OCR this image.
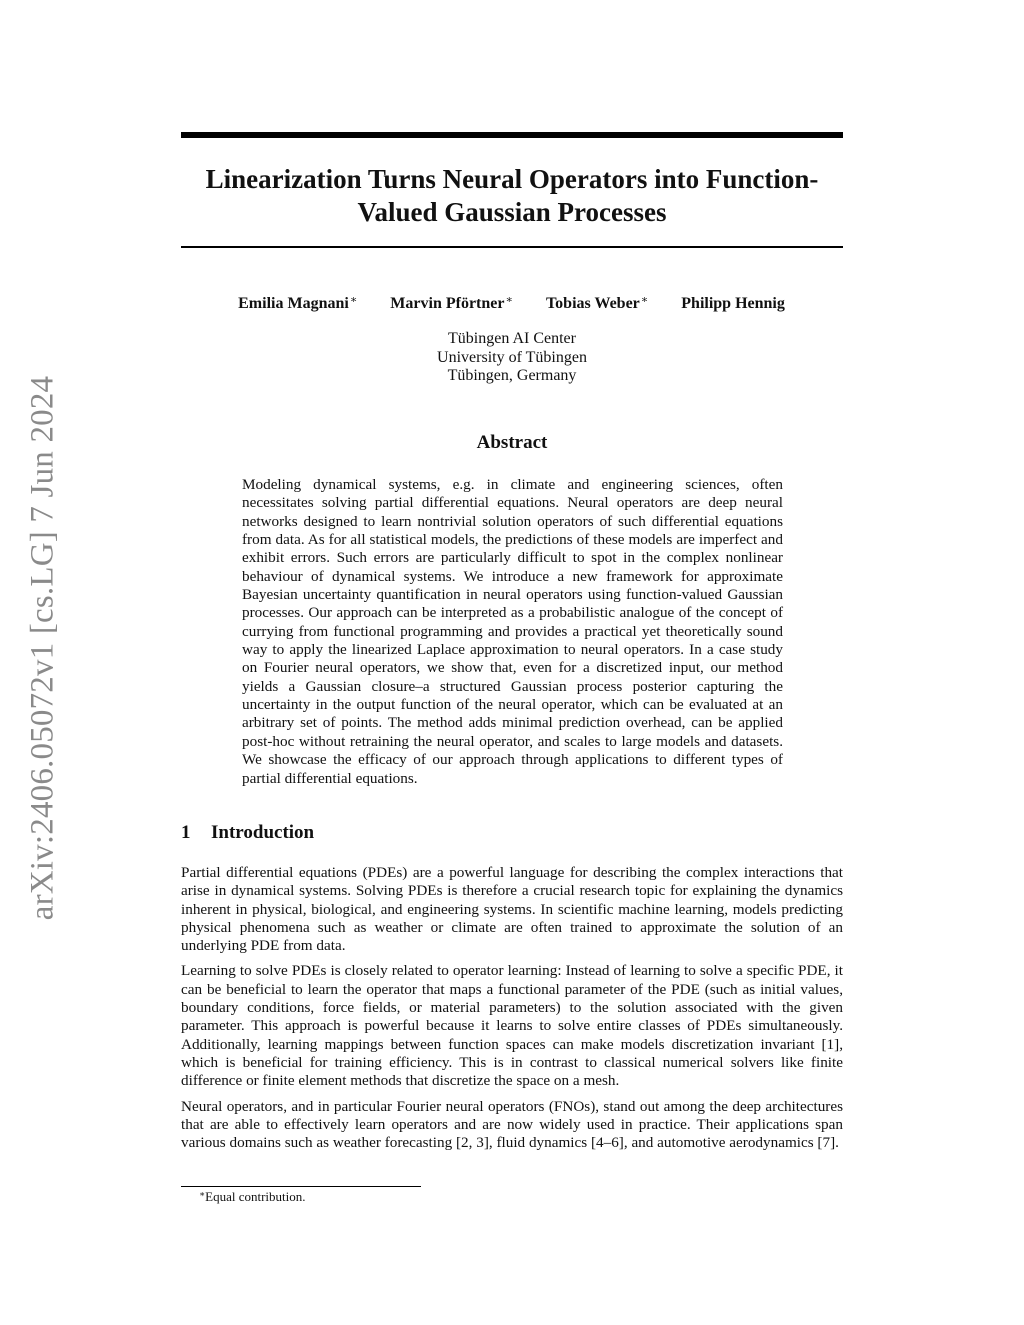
arXiv:2406.05072v1 [cs.LG] 7 Jun 2024
Linearization Turns Neural Operators into Function-Valued Gaussian Processes
Emilia Magnani∗ Marvin Pförtner∗ Tobias Weber∗ Philipp Hennig
Tübingen AI Center
University of Tübingen
Tübingen, Germany
Abstract
Modeling dynamical systems, e.g. in climate and engineering sciences, often necessitates solving partial differential equations. Neural operators are deep neural networks designed to learn nontrivial solution operators of such differential equations from data. As for all statistical models, the predictions of these models are imperfect and exhibit errors. Such errors are particularly difficult to spot in the complex nonlinear behaviour of dynamical systems. We introduce a new framework for approximate Bayesian uncertainty quantification in neural operators using function-valued Gaussian processes. Our approach can be interpreted as a probabilistic analogue of the concept of currying from functional programming and provides a practical yet theoretically sound way to apply the linearized Laplace approximation to neural operators. In a case study on Fourier neural operators, we show that, even for a discretized input, our method yields a Gaussian closure–a structured Gaussian process posterior capturing the uncertainty in the output function of the neural operator, which can be evaluated at an arbitrary set of points. The method adds minimal prediction overhead, can be applied post-hoc without retraining the neural operator, and scales to large models and datasets. We showcase the efficacy of our approach through applications to different types of partial differential equations.
1 Introduction

Partial differential equations (PDEs) are a powerful language for describing the complex interactions that arise in dynamical systems. Solving PDEs is therefore a crucial research topic for explaining the dynamics inherent in physical, biological, and engineering systems. In scientific machine learning, models predicting physical phenomena such as weather or climate are often trained to approximate the solution of an underlying PDE from data.

Learning to solve PDEs is closely related to operator learning: Instead of learning to solve a specific PDE, it can be beneficial to learn the operator that maps a functional parameter of the PDE (such as initial values, boundary conditions, force fields, or material parameters) to the solution associated with the given parameter. This approach is powerful because it learns to solve entire classes of PDEs simultaneously. Additionally, learning mappings between function spaces can make models discretization invariant [1], which is beneficial for training efficiency. This is in contrast to classical numerical solvers like finite difference or finite element methods that discretize the space on a mesh.

Neural operators, and in particular Fourier neural operators (FNOs), stand out among the deep architectures that are able to effectively learn operators and are now widely used in practice. Their applications span various domains such as weather forecasting [2, 3], fluid dynamics [4–6], and automotive aerodynamics [7].

∗Equal contribution.
